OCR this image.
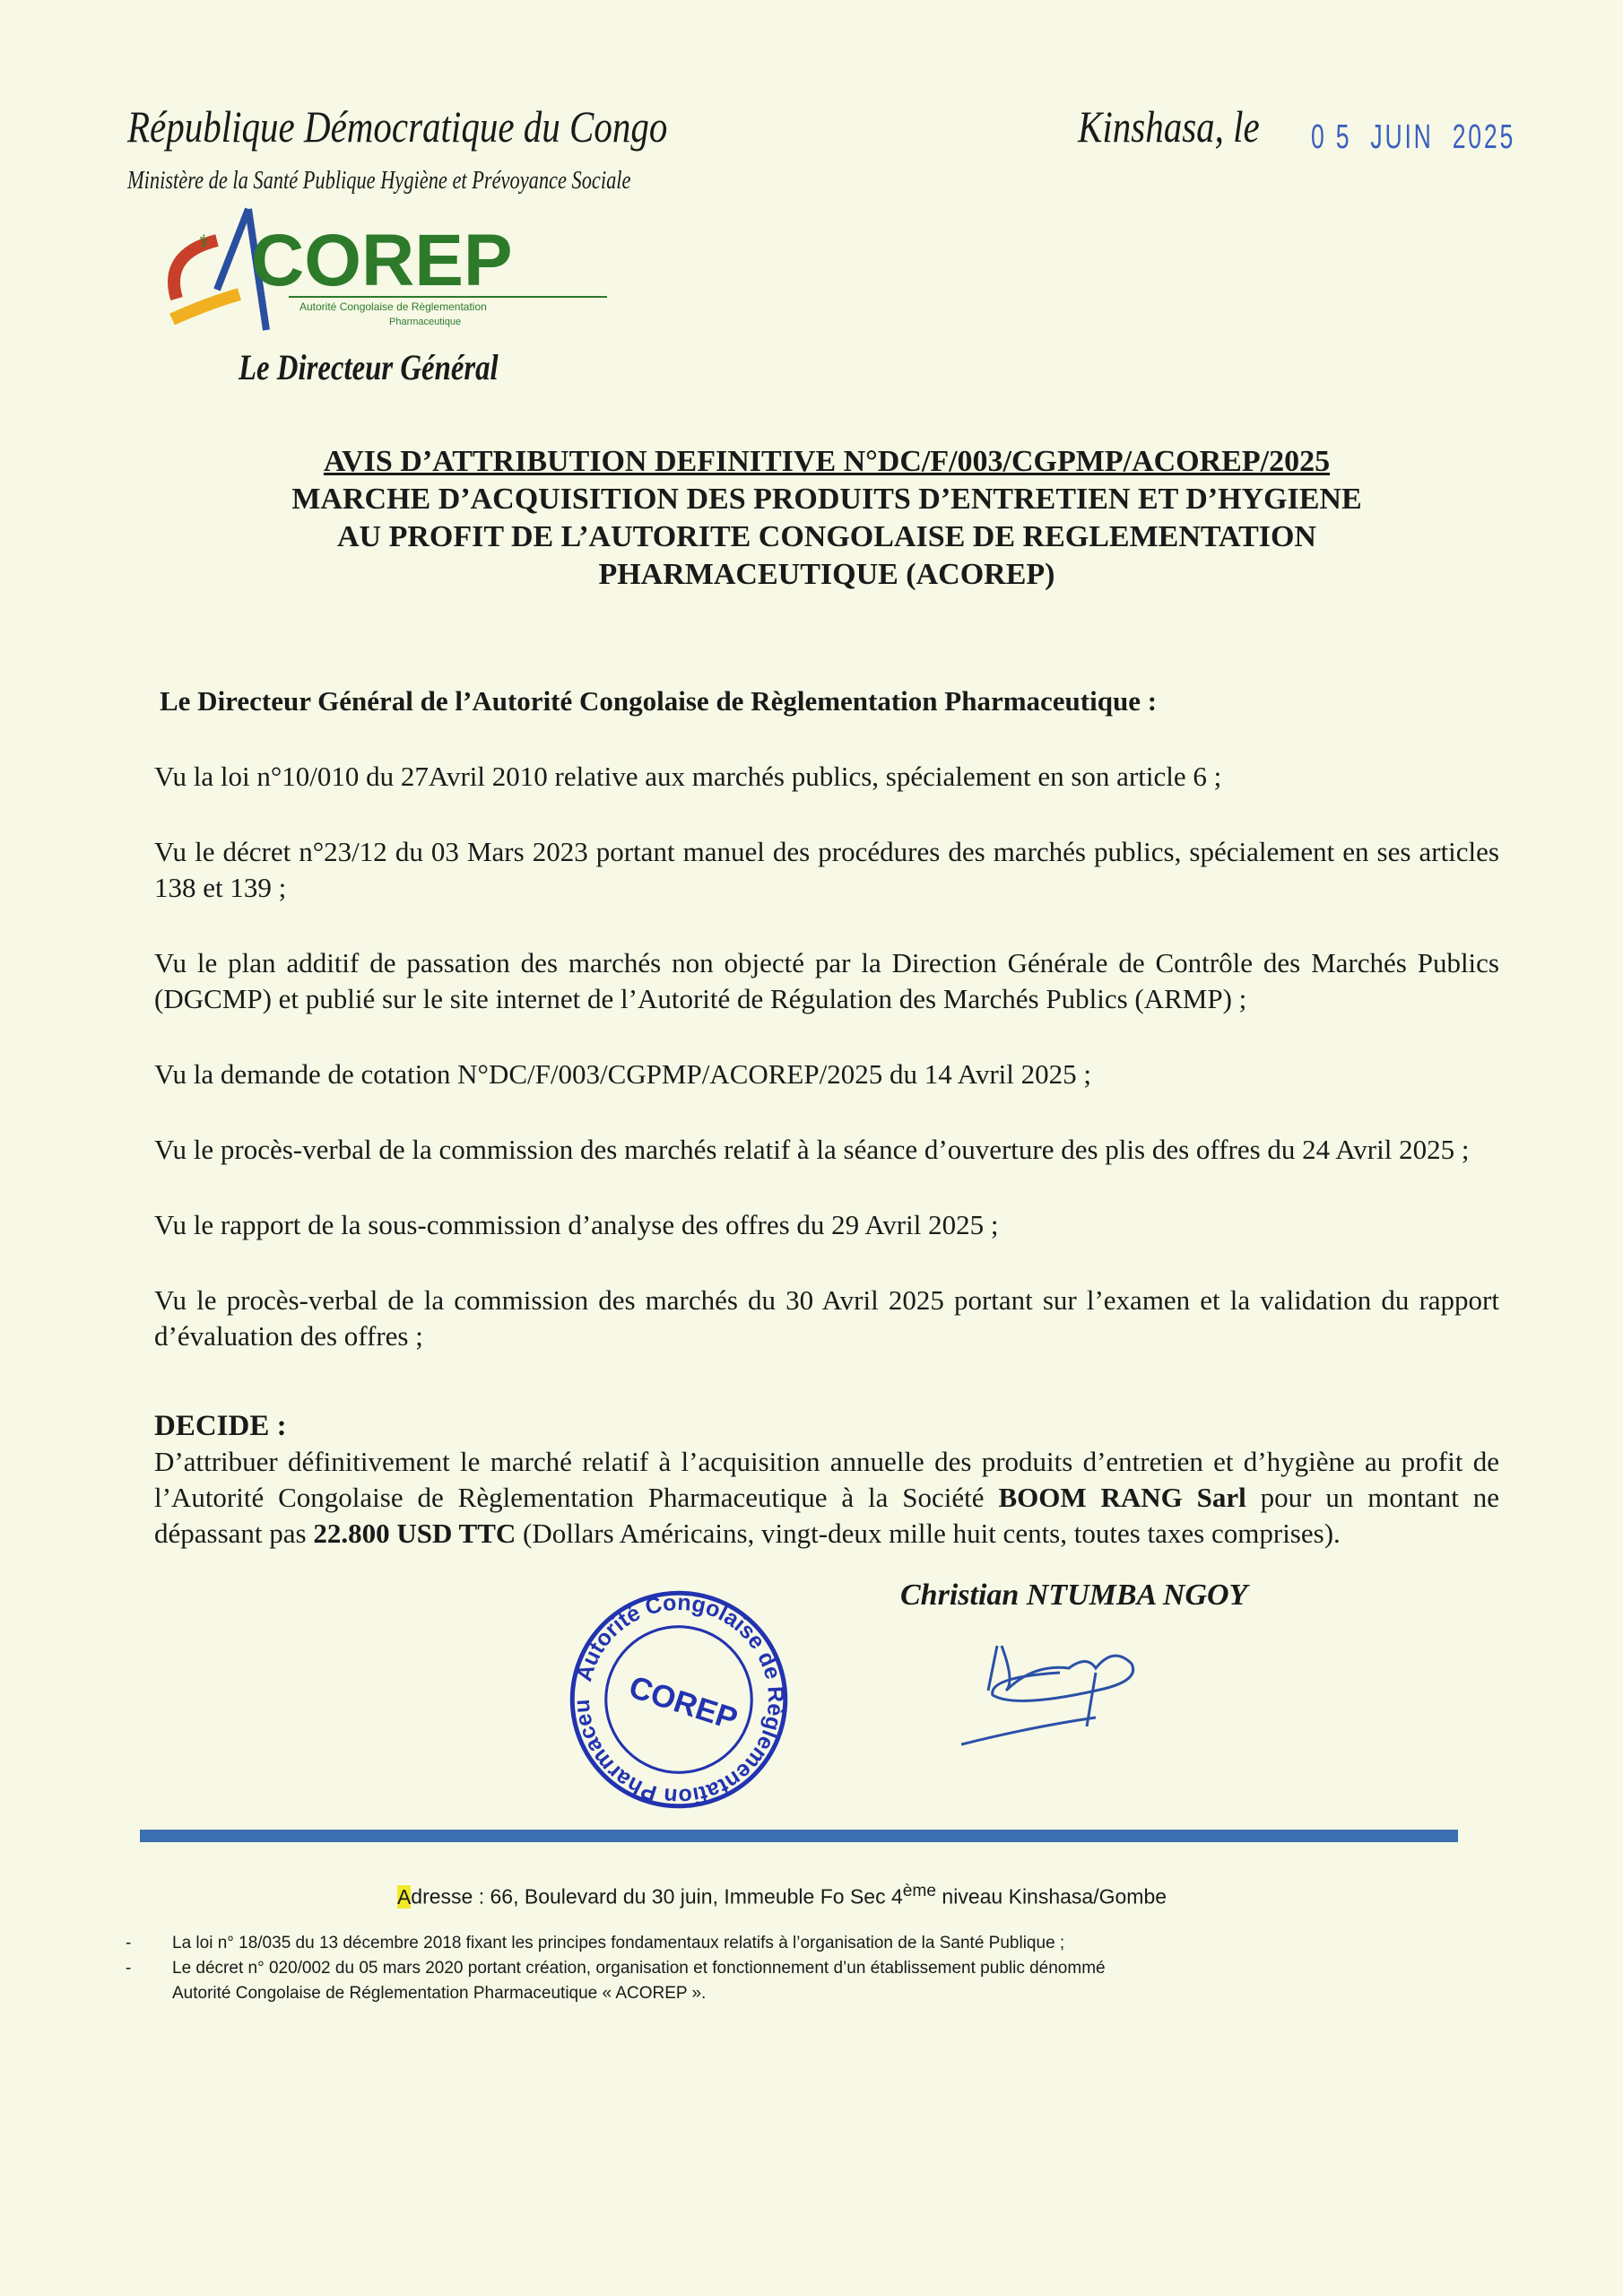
République Démocratique du Congo
Ministère de la Santé Publique Hygiène et Prévoyance Sociale
⚕ COREP
Autorité Congolaise de Règlementation
Pharmaceutique
Le Directeur Général
Kinshasa, le 0 5 JUIN 2025
AVIS D’ATTRIBUTION DEFINITIVE N°DC/F/003/CGPMP/ACOREP/2025
MARCHE D’ACQUISITION DES PRODUITS D’ENTRETIEN ET D’HYGIENE
AU PROFIT DE L’AUTORITE CONGOLAISE DE REGLEMENTATION
PHARMACEUTIQUE (ACOREP)
Le Directeur Général de l’Autorité Congolaise de Règlementation Pharmaceutique :

Vu la loi n°10/010 du 27Avril 2010 relative aux marchés publics, spécialement en son article 6 ;

Vu le décret n°23/12 du 03 Mars 2023 portant manuel des procédures des marchés publics, spécialement en ses articles 138 et 139 ;

Vu le plan additif de passation des marchés non objecté par la Direction Générale de Contrôle des Marchés Publics (DGCMP) et publié sur le site internet de l’Autorité de Régulation des Marchés Publics (ARMP) ;

Vu la demande de cotation N°DC/F/003/CGPMP/ACOREP/2025 du 14 Avril 2025 ;

Vu le procès-verbal de la commission des marchés relatif à la séance d’ouverture des plis des offres du 24 Avril 2025 ;

Vu le rapport de la sous-commission d’analyse des offres du 29 Avril 2025 ;

Vu le procès-verbal de la commission des marchés du 30 Avril 2025 portant sur l’examen et la validation du rapport d’évaluation des offres ;

DECIDE :
D’attribuer définitivement le marché relatif à l’acquisition annuelle des produits d’entretien et d’hygiène au profit de l’Autorité Congolaise de Règlementation Pharmaceutique à la Société BOOM RANG Sarl pour un montant ne dépassant pas 22.800 USD TTC (Dollars Américains, vingt-deux mille huit cents, toutes taxes comprises).
Autorité Congolaise de Règlementation Pharmaceu COREP
Christian NTUMBA NGOY
Adresse : 66, Boulevard du 30 juin, Immeuble Fo Sec 4ème niveau Kinshasa/Gombe
-	La loi n° 18/035 du 13 décembre 2018 fixant les principes fondamentaux relatifs à l’organisation de la Santé Publique ;
-	Le décret n° 020/002 du 05 mars 2020 portant création, organisation et fonctionnement d’un établissement public dénommé
Autorité Congolaise de Réglementation Pharmaceutique « ACOREP ».
